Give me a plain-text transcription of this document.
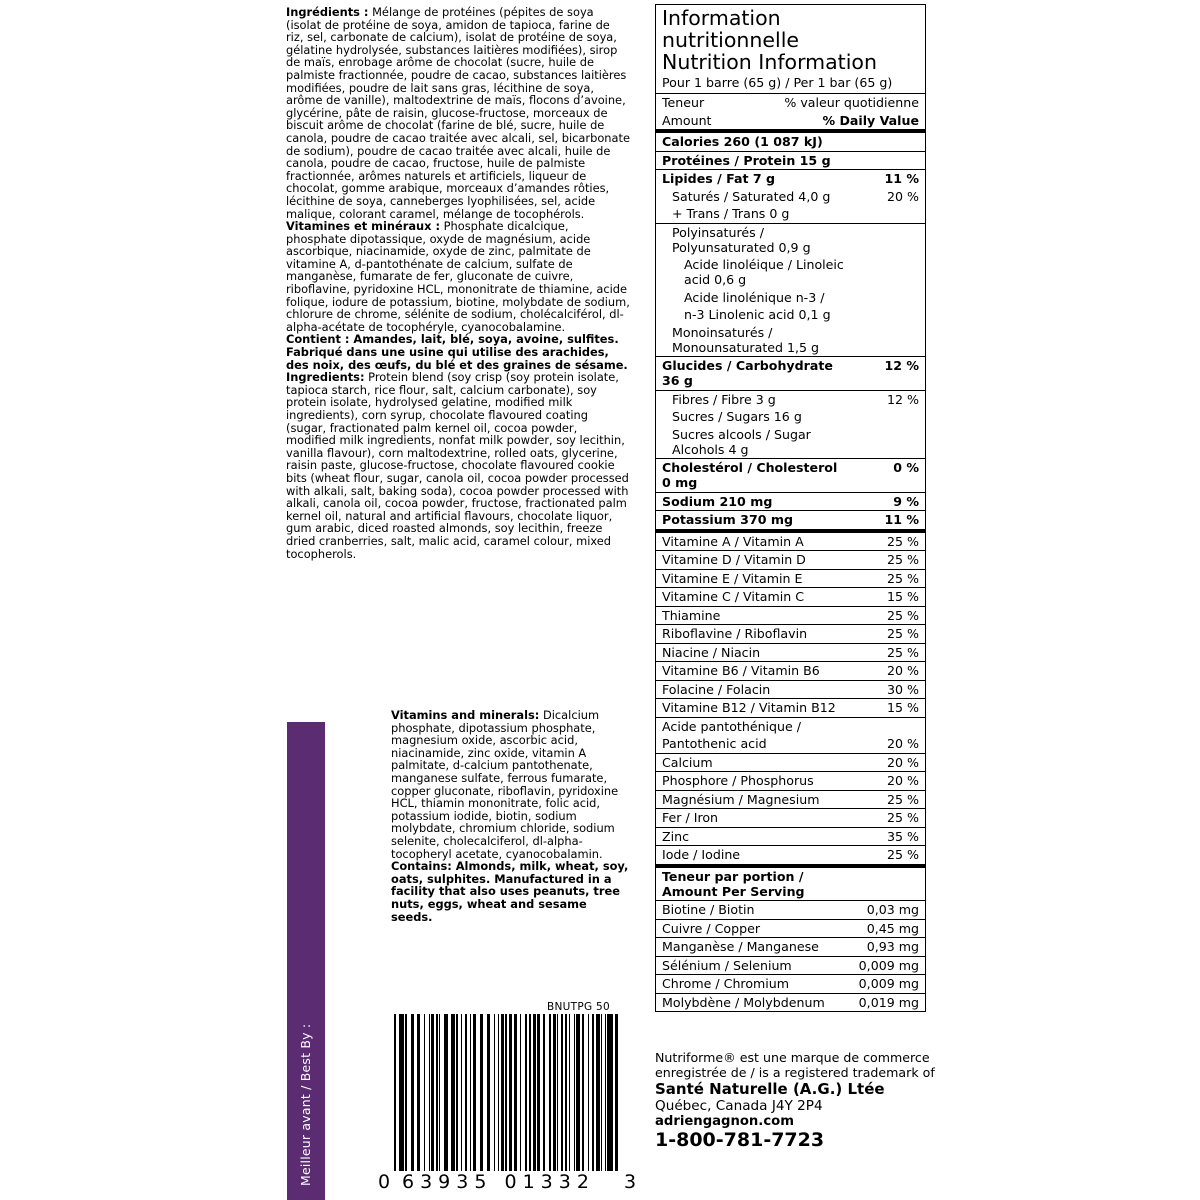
Ingrédients : Mélange de protéines (pépites de soya (isolat de protéine de soya, amidon de tapioca, farine de riz, sel, carbonate de calcium), isolat de protéine de soya, gélatine hydrolysée, substances laitières modifiées), sirop de maïs, enrobage arôme de chocolat (sucre, huile de palmiste fractionnée, poudre de cacao, substances laitières modifiées, poudre de lait sans gras, lécithine de soya, arôme de vanille), maltodextrine de maïs, flocons d’avoine, glycérine, pâte de raisin, glucose-fructose, morceaux de biscuit arôme de chocolat (farine de blé, sucre, huile de canola, poudre de cacao traitée avec alcali, sel, bicarbonate de sodium), poudre de cacao traitée avec alcali, huile de canola, poudre de cacao, fructose, huile de palmiste fractionnée, arômes naturels et artificiels, liqueur de chocolat, gomme arabique, morceaux d’amandes rôties, lécithine de soya, canneberges lyophilisées, sel, acide malique, colorant caramel, mélange de tocophérols. Vitamines et minéraux : Phosphate dicalcique, phosphate dipotassique, oxyde de magnésium, acide ascorbique, niacinamide, oxyde de zinc, palmitate de vitamine A, d-pantothénate de calcium, sulfate de manganèse, fumarate de fer, gluconate de cuivre, riboflavine, pyridoxine HCL, mononitrate de thiamine, acide folique, iodure de potassium, biotine, molybdate de sodium, chlorure de chrome, sélénite de sodium, cholécalciférol, dl-alpha-acétate de tocophéryle, cyanocobalamine.

Contient : Amandes, lait, blé, soya, avoine, sulfites. Fabriqué dans une usine qui utilise des arachides, des noix, des œufs, du blé et des graines de sésame.

Ingredients: Protein blend (soy crisp (soy protein isolate, tapioca starch, rice flour, salt, calcium carbonate), soy protein isolate, hydrolysed gelatine, modified milk ingredients), corn syrup, chocolate flavoured coating (sugar, fractionated palm kernel oil, cocoa powder, modified milk ingredients, nonfat milk powder, soy lecithin, vanilla flavour), corn maltodextrine, rolled oats, glycerine, raisin paste, glucose-fructose, chocolate flavoured cookie bits (wheat flour, sugar, canola oil, cocoa powder processed with alkali, salt, baking soda), cocoa powder processed with alkali, canola oil, cocoa powder, fructose, fractionated palm kernel oil, natural and artificial flavours, chocolate liquor, gum arabic, diced roasted almonds, soy lecithin, freeze dried cranberries, salt, malic acid, caramel colour, mixed tocopherols.

Vitamins and minerals: Dicalcium phosphate, dipotassium phosphate, magnesium oxide, ascorbic acid, niacinamide, zinc oxide, vitamin A palmitate, d-calcium pantothenate, manganese sulfate, ferrous fumarate, copper gluconate, riboflavin, pyridoxine HCL, thiamin mononitrate, folic acid, potassium iodide, biotin, sodium molybdate, chromium chloride, sodium selenite, cholecalciferol, dl-alpha-tocopheryl acetate, cyanocobalamin. Contains: Almonds, milk, wheat, soy, oats, sulphites. Manufactured in a facility that also uses peanuts, tree nuts, eggs, wheat and sesame seeds.
Meilleur avant / Best By :
BNUTPG 50
0 63935 01332 3
Information nutritionnelle
Nutrition Information
Pour 1 barre (65 g) / Per 1 bar (65 g)
Teneur	% valeur quotidienne
Amount	% Daily Value
Calories 260 (1 087 kJ)	
Protéines / Protein 15 g	
Lipides / Fat 7 g	11 %
Saturés / Saturated 4,0 g	20 %
+ Trans / Trans 0 g	
Polyinsaturés / Polyunsaturated 0,9 g	
Acide linoléique / Linoleic acid 0,6 g	
Acide linolénique n-3 /	
n-3 Linolenic acid 0,1 g	
Monoinsaturés / Monounsaturated 1,5 g	
Glucides / Carbohydrate 36 g	12 %
Fibres / Fibre 3 g	12 %
Sucres / Sugars 16 g	
Sucres alcools / Sugar Alcohols 4 g	
Cholestérol / Cholesterol 0 mg	0 %
Sodium 210 mg	9 %
Potassium 370 mg	11 %
Vitamine A / Vitamin A	25 %
Vitamine D / Vitamin D	25 %
Vitamine E / Vitamin E	25 %
Vitamine C / Vitamin C	15 %
Thiamine	25 %
Riboflavine / Riboflavin	25 %
Niacine / Niacin	25 %
Vitamine B6 / Vitamin B6	20 %
Folacine / Folacin	30 %
Vitamine B12 / Vitamin B12	15 %
Acide pantothénique /	
Pantothenic acid	20 %
Calcium	20 %
Phosphore / Phosphorus	20 %
Magnésium / Magnesium	25 %
Fer / Iron	25 %
Zinc	35 %
Iode / Iodine	25 %
Teneur par portion / Amount Per Serving	
Biotine / Biotin	0,03 mg
Cuivre / Copper	0,45 mg
Manganèse / Manganese	0,93 mg
Sélénium / Selenium	0,009 mg
Chrome / Chromium	0,009 mg
Molybdène / Molybdenum	0,019 mg
Nutriforme® est une marque de commerce
enregistrée de / is a registered trademark of
Santé Naturelle (A.G.) Ltée
Québec, Canada J4Y 2P4
adriengagnon.com
1-800-781-7723
